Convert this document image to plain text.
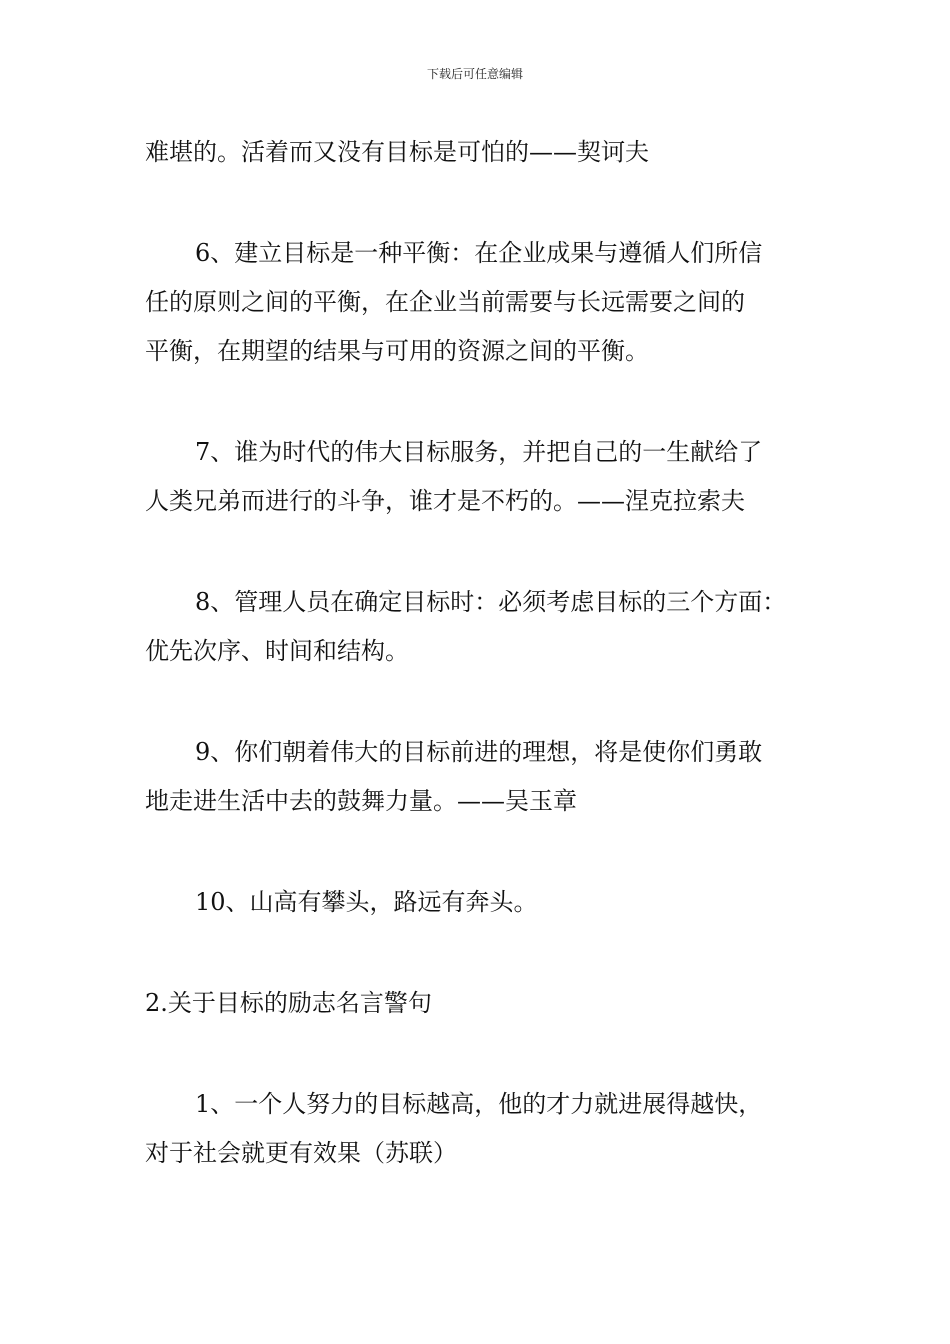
下载后可任意编辑

难堪的。活着而又没有目标是可怕的——契诃夫

6、建立目标是一种平衡：在企业成果与遵循人们所信
任的原则之间的平衡，在企业当前需要与长远需要之间的
平衡，在期望的结果与可用的资源之间的平衡。

7、谁为时代的伟大目标服务，并把自己的一生献给了
人类兄弟而进行的斗争，谁才是不朽的。——涅克拉索夫

8、管理人员在确定目标时：必须考虑目标的三个方面：
优先次序、时间和结构。

9、你们朝着伟大的目标前进的理想，将是使你们勇敢
地走进生活中去的鼓舞力量。——吴玉章

10、山高有攀头，路远有奔头。

2.关于目标的励志名言警句

1、一个人努力的目标越高，他的才力就进展得越快，
对于社会就更有效果（苏联）
